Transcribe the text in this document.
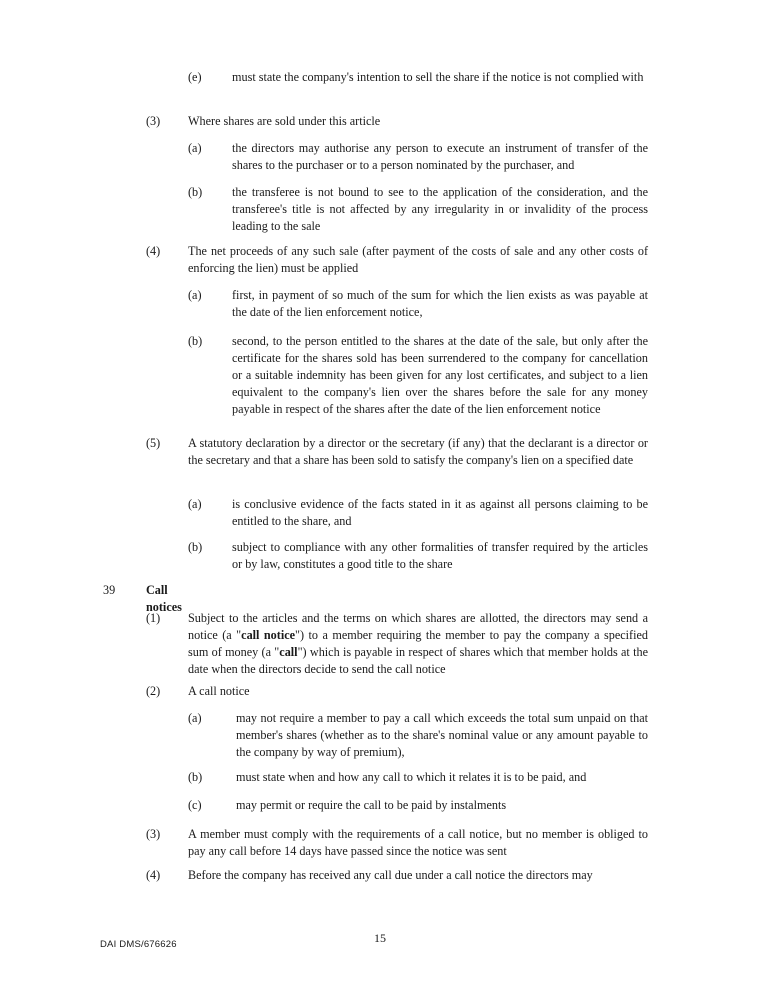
(e) must state the company's intention to sell the share if the notice is not complied with
(3) Where shares are sold under this article
(a) the directors may authorise any person to execute an instrument of transfer of the shares to the purchaser or to a person nominated by the purchaser, and
(b) the transferee is not bound to see to the application of the consideration, and the transferee's title is not affected by any irregularity in or invalidity of the process leading to the sale
(4) The net proceeds of any such sale (after payment of the costs of sale and any other costs of enforcing the lien) must be applied
(a) first, in payment of so much of the sum for which the lien exists as was payable at the date of the lien enforcement notice,
(b) second, to the person entitled to the shares at the date of the sale, but only after the certificate for the shares sold has been surrendered to the company for cancellation or a suitable indemnity has been given for any lost certificates, and subject to a lien equivalent to the company's lien over the shares before the sale for any money payable in respect of the shares after the date of the lien enforcement notice
(5) A statutory declaration by a director or the secretary (if any) that the declarant is a director or the secretary and that a share has been sold to satisfy the company's lien on a specified date
(a) is conclusive evidence of the facts stated in it as against all persons claiming to be entitled to the share, and
(b) subject to compliance with any other formalities of transfer required by the articles or by law, constitutes a good title to the share
39	Call notices
(1) Subject to the articles and the terms on which shares are allotted, the directors may send a notice (a "call notice") to a member requiring the member to pay the company a specified sum of money (a "call") which is payable in respect of shares which that member holds at the date when the directors decide to send the call notice
(2) A call notice
(a)	may not require a member to pay a call which exceeds the total sum unpaid on that member's shares (whether as to the share's nominal value or any amount payable to the company by way of premium),
(b)	must state when and how any call to which it relates it is to be paid, and
(c)	may permit or require the call to be paid by instalments
(3) A member must comply with the requirements of a call notice, but no member is obliged to pay any call before 14 days have passed since the notice was sent
(4) Before the company has received any call due under a call notice the directors may
DAI DMS/676626	15
